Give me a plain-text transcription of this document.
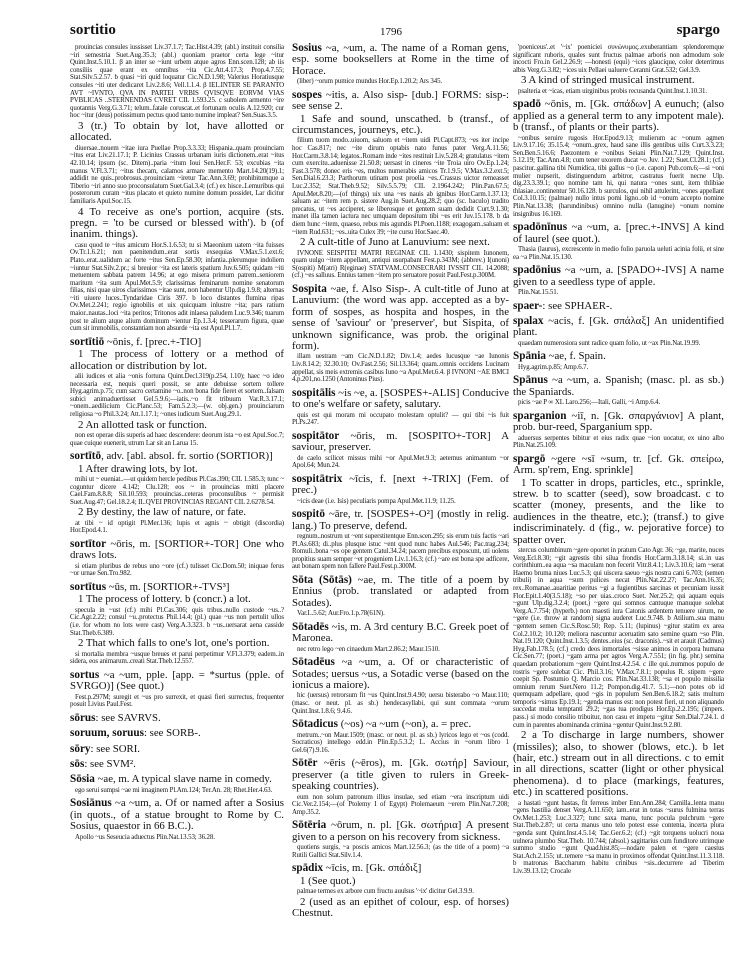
sortitio	1796	spargo
prouincias consules iussisset Liv.37.1.7; Tac.Hist.4.39; (abl.) instituit consilia ~iri semestria Suet.Aug.35.3; (abl.) quoniam praetor certa lege ~itur Quint.Inst.5.10.1. β an inter se ~iunt urbem atque agros Enn.scen.128; ab iis consiliis quae erant ex omnibus ~ita Cic.Att.4.17.3; Prop.4.7.55; Stat.Silv.5.2.57. b quasi ~iri quid loquatur Cic.N.D.1.98; Valerius Horatiusque consules ~iti uter dedicaret Liv.2.8.6; Vell.1.1.4. β IEI..INTER SE PARANTO AVT ~IVNTO, QVA IN PARTEI VRBIS QVISQVE EORVM VIAS PVBLICAS ..STERNENDAS CVRET CIL 1.593.25. c subolem armento ~ire quotannis Verg.G.3.71; telum..fatale coruscat..et fortunam oculis A.12.920; cur hoc ~itur (deus) potissimum pectus quod tanto numine impleat? Sen.Suas.3.5.
3 (tr.) To obtain by lot, have allotted or allocated.
diuersae..nouem ~itae iura Puellae Prop.3.3.33; Hispania..quam prouinciam ~itus erat Liv.21.17.1; P. Licinius Crassus urbanam iuris dictionem..erat ~itus 42.10.14; ipsum (sc. Ditem)..paria ~itum Ioui Sen.Her.F. 53; excubias ~ita manus V.Fl.3.71; ~itus thecam, calamos armare memento Mart.14.20(19).1; addidit ne quis..probrosus..prouinciam ~iretur Tac.Ann.3.69; prohibitumque a Tiberio ~iri anno suo proconsulatum Suet.Gal.3.4; (cf.) ex hisce..Lemuribus qui posterorum curam ~itus placato et quieto numine domum possidet, Lar dicitur familiaris Apul.Soc.15.
4 To receive as one's portion, acquire (sts. pregn. = 'to be cursed or blessed with'). b (of inanim. things).
casu quod te ~itus amicum Hor.S.1.6.53; tu si Maeonium uatem ~ita fuisses Ov.Tr.1.6.21; non paenitendum..erat sortis exsequias V.Max.5.1.ext.6; Plato..erat..ualidum ac forte ~itus Sen.Ep.58.30; infantia..plerumque indoliem ~iuntur Stat.Silv.2.pr.; si breuior ~ita est lateris spatium Juv.6.505; quidam ~iti metuentem sabbata patrem 14.96; at ego misera primum patrem..seniorem maritum ~ita sum Apul.Met.5.9; clarissimas feminarum nomine senatorum filias, nisi quae uiros clarissimos ~itae sunt, non habentur Ulp.dig.1.9.8; alternas ~iti uiuere luces..Tyndaridae Ciris 397. b loco distantes flumina ripas Ov.Met.2.241; regio ignobilis et uix quicquam inlustre ~ita; pars ratium maior..nautas..loci ~ita peritos; Tritonos adit inlaesa paludem Luc.9.346; tuarum post te alium atque alium dominum ~ientur Ep.1.3.4; tesserarum figura, quae cum sit immobilis, constantiam non absurde ~ita est Apul.Pl.1.7.
sortītiō ~ōnis, f. [prec.+-TIO]
1 The process of lottery or a method of allocation or distribution by lot.
alii iudices et alia ~onis fortuna Quint.Decl.319(p.254, l.10); haec ~o ideo necessaria est, nequis queri possit, se ante debuisse sortem tollere Hyg.agrim.p.75; cum sacro certamine ~o..non bona fide fieret et sortem..falsam subici animaduertisset Gel.5.9.6;—iatis..~o fit tribuum Var.R.3.17.1; ~onem..aedilicium Cic.Planc.53; Fam.5.2.3;—(w. obj.gen.) prouinciarum religiosa ~o Phil.3.24; Att.1.17.1; ~ones iudicum Suet.Aug.29.1.
2 An allotted task or function.
non est operae diis superis ad haec descendere: deorum ista ~o est Apul.Soc.7; quae cuique euenerit, utrum Lar sit an Larua 15.
sortītō, adv. [abl. absol. fr. sortio (SORTIOR)]
1 After drawing lots, by lot.
mihi ut ~ eueniat..—ut quidem hercle pedibus Pl.Cas.390; CIL 1.585.3; tunc ~ coguntur dicere 4.142; Clu.128; eos ~ in prouincias mitti placere Cael.Fam.8.8.8; Sil.10.593; prouincias..ceteras proconsulibus ~ permisit Suet.Aug.47; Gel.18.2.4; II..QVEI PROVINCIAS REGANT CIL 2.6278.54.
2 By destiny, the law of nature, or fate.
at tibi ~ id optigit Pl.Mer.136; lupis et agnis ~ obtigit (discordia) Hor.Epod.4.1.
sortītor ~ōris, m. [SORTIOR+-TOR] One who draws lots.
si etiam pluribus de rebus uno ~ore (cf.) tulisset Cic.Dom.50; iniquae ferus ~or urnae Sen.Tro.982.
sortītus ~ūs, m. [SORTIOR+-TVS³]
1 The process of lottery. b (concr.) a lot.
specula in ~ust (cf.) mihi Pl.Cas.306; quis tribus..nullo custode ~us..? Cic.Agr.2.22; consul ~u..protectus Phil.14.4; (pl.) quae ~us non pertulit ullos (i.e. for whom no lots were cast) Verg.A.3.323. b ~us..uersarat aena casside Stat.Theb.6.389.
2 That which falls to one's lot, one's portion.
si mortalia membra ~usque breues et parui perpetimur V.Fl.3.379; eadem..in sidera, eos animarum..creati Stat.Theb.12.557.
sortus ~a ~um, pple. [app. = *surtus (pple. of SVRGO)] (See quot.)
Fest.p.297M; suregit et ~us pro surrexit, et quasi fieri surrectus, frequenter posuit Livius Paul.Fest.
sōrus: see SAVRVS.
soruum, soruus: see SORB-.
sōry: see SORI.
sōs: see SVM².
Sōsia ~ae, m. A typical slave name in comedy.
ego serui sumpsi ~ae mi imaginem Pl.Am.124; Ter.An. 28; Rhet.Her.4.63.
Sosiānus ~a ~um, a. Of or named after a Sosius (in quots., of a statue brought to Rome by C. Sosius, quaestor in 66 B.C.).
Apollo ~us Seseucia aduectus Plin.Nat.13.53; 36.28.
Sosius ~a, ~um, a. The name of a Roman gens, esp. some booksellers at Rome in the time of Horace.
(liber) ~orum pumice mundus Hor.Ep.1.20.2; Ars 345.
sospes ~itis, a. Also sisp- [dub.] FORMS: sisp-: see sense 2.
1 Safe and sound, unscathed. b (transf., of circumstances, journeys, etc.).
filium tuom modo..uiuom, saluom et ~item uidi Pl.Capt.873; ~es iter incipe hoc Cas.817; nec ~ite dirum optabis nato funus pater Verg.A.11.56; Hor.Carm.3.8.14; legatos..Romam inde ~ites restituit Liv.5.28.4; gratulatus ~item cum exercitu..aduenisse 21.50.8; uersast in cineres ~ite Troia uiro Ov.Ep.1.24; Fast.3.578; donec eris ~es, multos numerabis amicos Tr.1.9.5; V.Max.3.2.ext.5; Sen.Dial.6.23.3; Parthorum utinam post proelia ~es..Crassus uictor remeasset Luc.2.352; Stat.Theb.9.52; Silv.5.5.79; CIL 2.1964.242; Plin.Pan.67.5; Apul.Met.8.20;—(of things) uix una ~es nauis ab ignibus Hor.Carm.1.37.13; saluam ac ~item rem p. sistere Aug.in Suet.Aug.28.2; quo (sc. baculo) tradito precatus, ut ~es acciperet, se liberosque et gentem suam dedidit Curt.9.1.30; manet illa tamen iactura nec umquam depositum tibi ~es erit Juv.15.178. b da diem hunc ~item, quaeso, rebus mis agundis Pl.Poen.1188; exagogam..saluam et ~item Rud.631; ~es..uita Culex 39; ~ite cursu Hor.Saec.40.
2 A cult-title of Juno at Lanuvium: see next.
IVNONE SEISPITEI MATRI REGINAE CIL 1.1430; sispitem Iunonem, quam uulgo ~item appellant, antiqui usurpabant Fest.p.343M; (abbrev.) I(unoni) S(ospiti) M(atri) R(eginae) STATVAM..CONSECRARI IVSSIT CIL 14.2088; (cf.) ~es salluus. Ennius tamen ~item pro seruatore posuit Paul.Fest.p.300M.
Sospita ~ae, f. Also Sisp-. A cult-title of Juno at Lanuvium: (the word was app. accepted as a by-form of sospes, as hospita and hospes, in the sense of 'saviour' or 'preserver', but Sispita, of unknown significance, was prob. the original form).
illam uestram ~am Cic.N.D.1.82; Div.1.4; aedes lucusque ~ae Iunonis Liv.8.14.2; 32.30.10; Ov.Fast.2.56; Sil.13.364; quam..omnis occidens Lucinam appellat, sis meis extremis casibus Iuno ~a Apul.Met.6.4. β IVNONI ~AE BMCI 4.p.201,no.1250 (Antoninus Pius).
sospitālis ~is ~e, a. [SOSPES+-ALIS] Conducive to one's welfare or safety, salutary.
quis est qui moram mi occupato molestam optulit? — qui tibi ~is fuit Pl.Ps.247.
sospitātor ~ōris, m. [SOSPITO+-TOR] A saviour, preserver.
de caelo scilicet missus mihi ~or Apul.Met.9.3; aeternus animantum ~or Apol.64; Mun.24.
sospitātrix ~īcis, f. [next +-TRIX] (Fem. of prec.)
~icis deae (i.e. Isis) peculiaris pompa Apul.Met.11.9; 11.25.
sospitō ~āre, tr. [SOSPES+-O²] (mostly in relig. lang.) To preserve, defend.
regnum..nostrum ut ~ent superstitentque Enn.scen.295; sis erum tuis factis ~ari Pl.As.683; di..plus plusque istuc ~ent quod nunc habes Aul.546; Pac.trag.234; Romuli..bona ~es ope gentem Catul.34.24; pacem precibus exposcunt, uti uolens propitius suam semper ~et progeniem Liv.1.16.3; (cf.) ~are est bona spe adficere, aut bonam spem non fallere Paul.Fest.p.300M.
Sōta (Sōtās) ~ae, m. The title of a poem by Ennius (prob. translated or adapted from Sotades).
Var.L.5.62; Aur.Fro.1.p.78(61N).
Sōtadēs ~is, m. A 3rd century B.C. Greek poet of Maronea.
nec retro lego ~en cinaedum Mart.2.86.2; Maur.1510.
Sōtadēus ~a ~um, a. Of or characteristic of Sotades; uersus ~us, a Sotadic verse (based on the ionicus a maiore).
hic (uersus) retrorsum fit ~us Quint.Inst.9.4.90; uersu bisterabo ~o Maur.110; (masc. or neut. pl. as sb.) hendecasyllabi, qui sunt commata ~orum Quint.Inst.1.8.6; 9.4.6.
Sōtadicus (~os) ~a ~um (~on), a. = prec.
metrum..~on Maur.1509; (masc. or neut. pl. as sb.) lyricos lego et ~os (codd. Socraticos) intellego edd.in Plin.Ep.5.3.2; L. Accius in ~orum libro 1 Gel.6(7).9.16.
Sōtēr ~ēris (~ēros), m. [Gk. σωτήρ] Saviour, preserver (a title given to rulers in Greek-speaking countries).
eum non solum patronum illius insulae, sed etiam ~era inscriptum uidi Cic.Ver.2.154;—(of Ptolemy I of Egypt) Ptolemaeum ~erem Plin.Nat.7.208; Amp.35.2.
Sōtēria ~ōrum, n. pl. [Gk. σωτήρια] A present given to a person on his recovery from sickness.
quotiens surgis, ~a poscis amicos Mart.12.56.3; (as the title of a poem) ~a Rutili Gallici Stat.Silv.1.4.
spādix ~īcis, m. [Gk. σπάδιξ]
1 (See quot.)
palmae termes ex arbore cum fructu auulsus '~ix' dicitur Gel.3.9.9.
2 (used as an epithet of colour, esp. of horses) Chestnut.
'poeniceus'..et '~ix' poeniciei συνώνυμος..exuberantiam splendoremque significant ruboris, quales sunt fructus palmae arboris non admodum sole incocti Fro.in Gel.2.26.9; —honesti (equi) ~ices glaucique, color deterrimus albis Verg.G.3.82; ~ices uix Pellaei ualuere Ceranni Grat.532; Gel.3.9.
3 A kind of stringed musical instrument.
psalteria et ~icas, etiam uirginibus probis recusanda Quint.Inst.1.10.31.
spadō ~ōnis, m. [Gk. σπάδων] A eunuch; (also applied as a general term to any impotent male). b (transf., of plants or their parts).
~onibus seruire rugosis Hor.Epod.9.13; mulierum ac ~onum agmen Liv.9.17.16; 35.15.4; ~onum..grex, haud sane illis gentibus uilis Curt.3.3.23; Sen.Ben.5.16.6; Paezontem e ~onibus Seiani Plin.Nat.7.129; Quint.Inst. 5.12.19; Tac.Ann.4.8; cum tener uxorem ducat ~o Juv. 1.22; Suet.Cl.28.1; (cf.) pascitur..gallina tibi Numidica, tibi gallus ~o (i.e. capon) Pub.com.6;—si ~oni mulier nupserit, distinguendum arbitror, castratus fuerit necne Ulp. dig.23.3.39.1; quo nomine tam hi, qui natura ~ones sunt, item thlibiae thlasiae..continentur 50.16.128. b surculos, qui nihil attulerint, ~ones appellant Col.3.10.15; (palmae) nullo intus pomi ligno..ob id ~onum accepto nomine Plin.Nat.13.38; (harundinibus) omnino nulla (lanugine) ~onum nomine insignibus 16.169.
spadōnīnus ~a ~um, a. [prec.+-INVS] A kind of laurel (see quot.).
Thasia (laurus), excrescente in medio folio paruola ueluti acinia folii, et sine ea ~a Plin.Nat.15.130.
spadōnius ~a ~um, a. [SPADO+-IVS] A name given to a seedless type of apple.
Plin.Nat.15.51.
spaer-: see SPHAER-.
spalax ~acis, f. [Gk. σπάλαξ] An unidentified plant.
quaedam numerosiora sunt radice quam folio, ut ~ax Plin.Nat.19.99.
Spānia ~ae, f. Spain.
Hyg.agrim.p.85; Amp.6.7.
Spānus ~a ~um, a. Spanish; (masc. pl. as sb.) the Spaniards.
picis ~ae P ∞ XL Laro.256;—Itali, Galli, ~i Amp.6.4.
sparganion ~iī, n. [Gk. σπαργάνιον] A plant, prob. bur-reed, Sparganium spp.
aduersus serpentes bibitur et eius radix quae ~ion uocatur, ex uino albo Plin.Nat.25.109.
spargō ~gere ~sī ~sum, tr. [cf. Gk. σπείρω, Arm. sp'rem, Eng. sprinkle]
1 To scatter in drops, particles, etc., sprinkle, strew. b to scatter (seed), sow broadcast. c to scatter (money, presents, and the like to audiences in the theatre, etc.); (transf.) to give indiscriminately. d (fig., w. pejorative force) to spatter over.
stercus columbinum ~gere oportet in pratum Cato Agr. 36; ~ge, marite, nuces Verg.Ecl.8.30; ~git agrestis tibi silua frondis Hor.Carm.3.18.14; si..in uas corinthium..ea aqua ~sa maculam non fecerit Vitr.8.4.1; Liv.3.10.6; iam ~serat Haemo bruma niues Luc.5.3; qui uiscera saeuo ~gis nostra cani 6.703; (semen tribuli) in aqua ~sum pulices necat Plin.Nat.22.27; Tac.Ann.16.35; rex..Romanae..auaritiae peritus ~gi a fugientibus sarcinas et pecuniam iussit Flor.Epit.1.40(3.5.18); ~so per uias..croco Suet. Ner.25.2; qui aquam equis ~gunt Ulp.dig.3.2.4; (poet.) ~gere qui somnos cantuque manuque solebat Verg.A.7.754; (hyperb.) non maesti iura Catonis ardentem tenuere uirum, ne ~gere (i.e. throw at random) signa auderet Luc.9.748. b Atilium..sua manu ~gentem semen Cic.S.Rosc.50; Rep. 5.11; (lupinus) ~gitur statim ex area Col.2.10.2; 10.120; meliora nascuntur aceruatim sato semine quam ~so Plin. Nat.19.120; Quint.Inst.1.3.5; dentes..eius (sc. draconis)..~sit et arauit (Cadmus) Hyg.Fab.178.5; (cf.) credo deos inmortales ~sisse animos in corpora humana Cic.Sen.77; (poet.) ~gam arma per agros Verg.A.7.551; (in fig. phr.) semina quaedam probationum ~gere Quint.Inst.4.2.54. c ille qui..nummos populo de rostris ~gere solebat Cic. Phil.3.16; V.Max.7.8.1; populus R. stipem ~gere coepit Sp. Postumio Q. Marcio cos. Plin.Nat.33.138; ~sa et populo missilia omnium rerum Suet.Nero 11.2; Pompon.dig.41.7. 5.1;—non potes ob id quemquam adpellare, quod ~gis in populum Sen.Ben.6.18.2; satis multum temporis ~simus Ep.19.1; ~genda manus est: non potest fieri, ut non aliquando succedat multa temptanti 29.2; ~gas tua prodigus Hor.Ep.2.2.195; (impers. pass.) si modo consilio tribuitur, non casu et impetu ~gitur Sen.Dial.7.24.1. d cum in parentes abominanda crimina ~gentur Quint.Inst.9.2.80.
2 a To discharge in large numbers, shower (missiles); also, to shower (blows, etc.). b let (hair, etc.) stream out in all directions. c to emit in all directions, scatter (light or other physical phenomena). d to place (markings, features, etc.) in scattered positions.
a hastati ~gunt hastas, fit ferreus imber Enn.Ann.284; Camilla..lenta manu ~gens hastilia denset Verg.A.11.650; iam..erat in totas ~surus fulmina terras Ov.Met.1.253; Luc.3.327; tunc saxa manu, tunc pocula pulchrum ~gere Stat.Theb.2.87; ut certa manus uno telo potest esse contenta, incerta plura ~genda sunt Quint.Inst.4.5.14; Tac.Ger.6.2; (cf.) ~git torquens uolucri noua uulnera plumbo Stat.Theb. 10.744; (absol.) sagittarius cum funditore utrimque summo studio ~gunt Quad.hist.85;—nodare palen et ~gere caestus Stat.Ach.2.155; ut..temere ~sa manu in proximos offendat Quint.Inst.11.3.118. b matronas Baccharum habitu crinibus ~sis..decurrere ad Tiberim Liv.39.13.12; Crocale
